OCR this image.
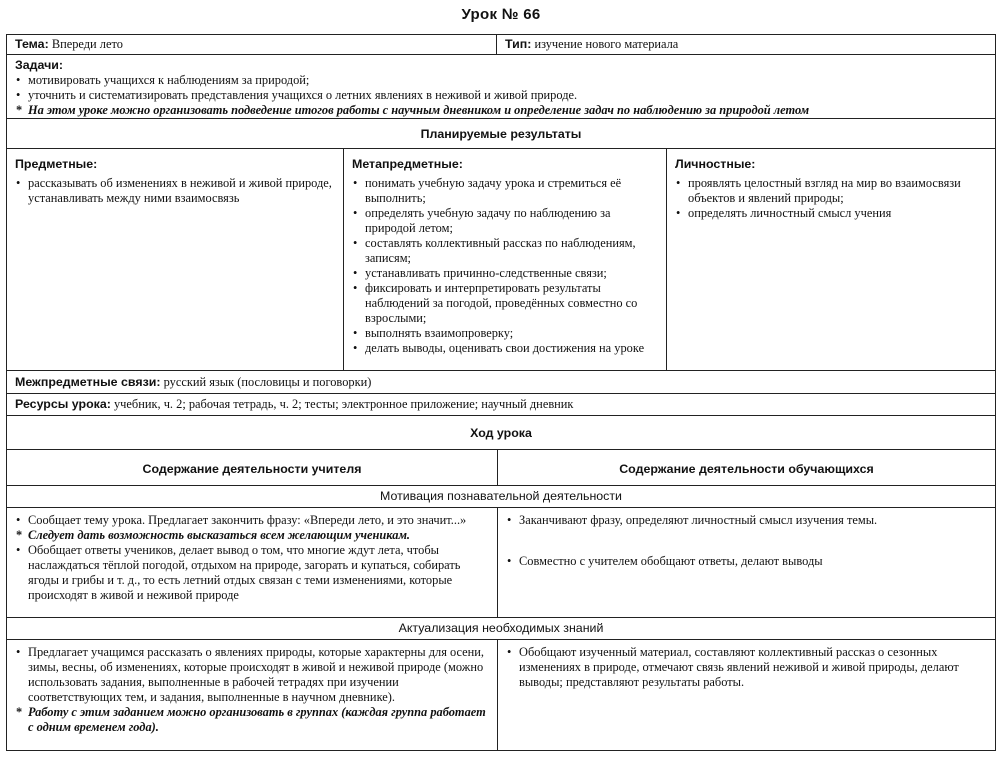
Урок № 66
Тема: Впереди лето	Тип: изучение нового материала
Задачи:
• мотивировать учащихся к наблюдениям за природой;
• уточнить и систематизировать представления учащихся о летних явлениях в неживой и живой природе.
* На этом уроке можно организовать подведение итогов работы с научным дневником и определение задач по наблюдению за природой летом
Планируемые результаты
Предметные:
• рассказывать об изменениях в неживой и живой природе, устанавливать между ними взаимосвязь
Метапредметные:
• понимать учебную задачу урока и стремиться её выполнить;
• определять учебную задачу по наблюдению за природой летом;
• составлять коллективный рассказ по наблюдениям, записям;
• устанавливать причинно-следственные связи;
• фиксировать и интерпретировать результаты наблюдений за погодой, проведённых совместно со взрослыми;
• выполнять взаимопроверку;
• делать выводы, оценивать свои достижения на уроке
Личностные:
• проявлять целостный взгляд на мир во взаимосвязи объектов и явлений природы;
• определять личностный смысл учения
Межпредметные связи: русский язык (пословицы и поговорки)
Ресурсы урока: учебник, ч. 2; рабочая тетрадь, ч. 2; тесты; электронное приложение; научный дневник
Ход урока
Содержание деятельности учителя	Содержание деятельности обучающихся
Мотивация познавательной деятельности
• Сообщает тему урока. Предлагает закончить фразу: «Впереди лето, и это значит...»
* Следует дать возможность высказаться всем желающим ученикам.
• Обобщает ответы учеников, делает вывод о том, что многие ждут лета, чтобы наслаждаться тёплой погодой, отдыхом на природе, загорать и купаться, собирать ягоды и грибы и т. д., то есть летний отдых связан с теми изменениями, которые происходят в живой и неживой природе
• Заканчивают фразу, определяют личностный смысл изучения темы.
• Совместно с учителем обобщают ответы, делают выводы
Актуализация необходимых знаний
• Предлагает учащимся рассказать о явлениях природы, которые характерны для осени, зимы, весны, об изменениях, которые происходят в живой и неживой природе (можно использовать задания, выполненные в рабочей тетрадях при изучении соответствующих тем, и задания, выполненные в научном дневнике).
* Работу с этим заданием можно организовать в группах (каждая группа работает с одним временем года).
• Обобщают изученный материал, составляют коллективный рассказ о сезонных изменениях в природе, отмечают связь явлений неживой и живой природы, делают выводы; представляют результаты работы.
